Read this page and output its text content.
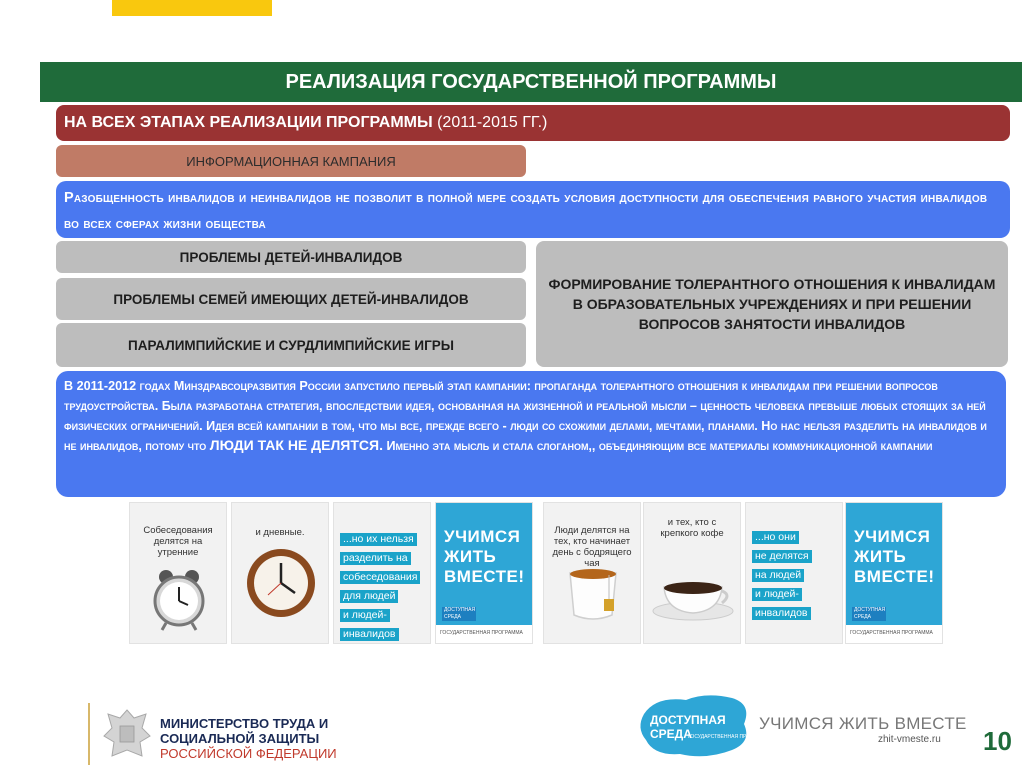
РЕАЛИЗАЦИЯ ГОСУДАРСТВЕННОЙ ПРОГРАММЫ
НА ВСЕХ ЭТАПАХ РЕАЛИЗАЦИИ ПРОГРАММЫ (2011-2015 ГГ.)
ИНФОРМАЦИОННАЯ КАМПАНИЯ
Разобщенность инвалидов и неинвалидов не позволит в полной мере создать условия доступности для обеспечения равного участия инвалидов во всех сферах жизни общества
ПРОБЛЕМЫ ДЕТЕЙ-ИНВАЛИДОВ
ПРОБЛЕМЫ СЕМЕЙ ИМЕЮЩИХ ДЕТЕЙ-ИНВАЛИДОВ
ПАРАЛИМПИЙСКИЕ И СУРДЛИМПИЙСКИЕ ИГРЫ
ФОРМИРОВАНИЕ ТОЛЕРАНТНОГО ОТНОШЕНИЯ К ИНВАЛИДАМ В ОБРАЗОВАТЕЛЬНЫХ УЧРЕЖДЕНИЯХ И ПРИ РЕШЕНИИ ВОПРОСОВ ЗАНЯТОСТИ ИНВАЛИДОВ
В 2011-2012 годах Минздравсоцразвития России запустило первый этап кампании: пропаганда толерантного отношения к инвалидам при решении вопросов трудоустройства. Была разработана стратегия, впоследствии идея, основанная на жизненной и реальной мысли – ценность человека превыше любых стоящих за ней физических ограничений. Идея всей кампании в том, что мы все, прежде всего - люди со схожими делами, мечтами, планами. Но нас нельзя разделить на инвалидов и не инвалидов, потому что ЛЮДИ ТАК НЕ ДЕЛЯТСЯ. Именно эта мысль и стала слоганом,, объединяющим все материалы коммуникационной кампании
Собеседования делятся на утренние
и дневные.
...но их нельзя
разделить на
собеседования
для людей
и людей-
инвалидов
УЧИМСЯ
ЖИТЬ
ВМЕСТЕ!
ДОСТУПНАЯ СРЕДА
ГОСУДАРСТВЕННАЯ ПРОГРАММА
Люди делятся на тех, кто начинает день с бодрящего чая
и тех, кто с крепкого кофе	...но они
не делятся
на людей
и людей-
инвалидов
УЧИМСЯ
ЖИТЬ
ВМЕСТЕ!
ДОСТУПНАЯ СРЕДА
ГОСУДАРСТВЕННАЯ ПРОГРАММА
МИНИСТЕРСТВО ТРУДА И
СОЦИАЛЬНОЙ ЗАЩИТЫ
РОССИЙСКОЙ ФЕДЕРАЦИИ
ДОСТУПНАЯ
СРЕДА
ГОСУДАРСТВЕННАЯ ПРОГРАММА
УЧИМСЯ ЖИТЬ ВМЕСТЕ
zhit-vmeste.ru 10
